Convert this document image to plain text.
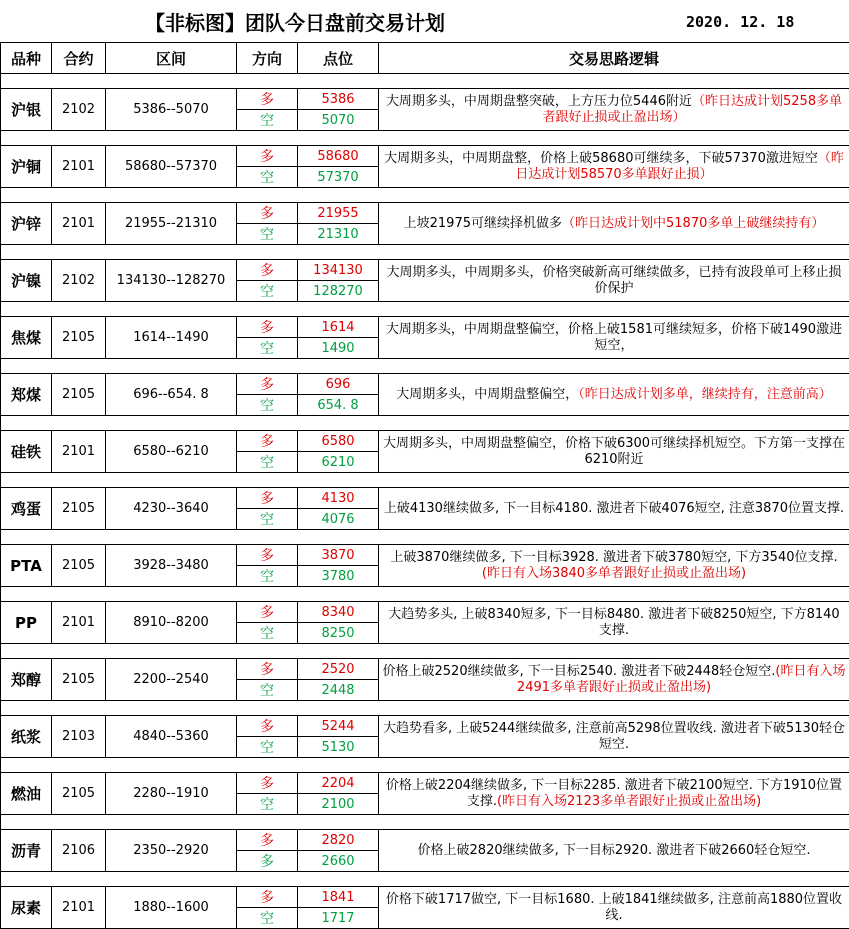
【非标图】团队今日盘前交易计划	2020. 12. 18
品种	合约	区间	方向	点位	交易思路逻辑

沪银	2102	5386--5070	多	5386	大周期多头，中周期盘整突破，上方压力位5446附近（昨日达成计划5258多单者跟好止损或止盈出场）
			空	5070	

沪铜	2101	58680--57370	多	58680	大周期多头，中周期盘整，价格上破58680可继续多，下破57370激进短空（昨日达成计划58570多单跟好止损）
			空	57370	

沪锌	2101	21955--21310	多	21955	上坡21975可继续择机做多（昨日达成计划中51870多单上破继续持有）
			空	21310	

沪镍	2102	134130--128270	多	134130	大周期多头，中周期多头，价格突破新高可继续做多，已持有波段单可上移止损价保护
			空	128270	

焦煤	2105	1614--1490	多	1614	大周期多头，中周期盘整偏空，价格上破1581可继续短多，价格下破1490激进短空，
			空	1490	

郑煤	2105	696--654. 8	多	696	大周期多头，中周期盘整偏空，（昨日达成计划多单，继续持有，注意前高）
			空	654. 8	

硅铁	2101	6580--6210	多	6580	大周期多头，中周期盘整偏空，价格下破6300可继续择机短空。下方第一支撑在6210附近
			空	6210	

鸡蛋	2105	4230--3640	多	4130	上破4130继续做多, 下一目标4180. 激进者下破4076短空, 注意3870位置支撑.
			空	4076	

PTA	2105	3928--3480	多	3870	上破3870继续做多, 下一目标3928. 激进者下破3780短空, 下方3540位支撑.(昨日有入场3840多单者跟好止损或止盈出场)
			空	3780	

PP	2101	8910--8200	多	8340	大趋势多头, 上破8340短多, 下一目标8480. 激进者下破8250短空, 下方8140支撑.
			空	8250	

郑醇	2105	2200--2540	多	2520	价格上破2520继续做多, 下一目标2540. 激进者下破2448轻仓短空.(昨日有入场2491多单者跟好止损或止盈出场)
			空	2448	

纸浆	2103	4840--5360	多	5244	大趋势看多, 上破5244继续做多, 注意前高5298位置收线. 激进者下破5130轻仓短空.
			空	5130	

燃油	2105	2280--1910	多	2204	价格上破2204继续做多, 下一目标2285. 激进者下破2100短空. 下方1910位置支撑.(昨日有入场2123多单者跟好止损或止盈出场)
			空	2100	

沥青	2106	2350--2920	多	2820	价格上破2820继续做多, 下一目标2920. 激进者下破2660轻仓短空.
			多	2660	

尿素	2101	1880--1600	多	1841	价格下破1717做空, 下一目标1680. 上破1841继续做多, 注意前高1880位置收线.
			空	1717	
